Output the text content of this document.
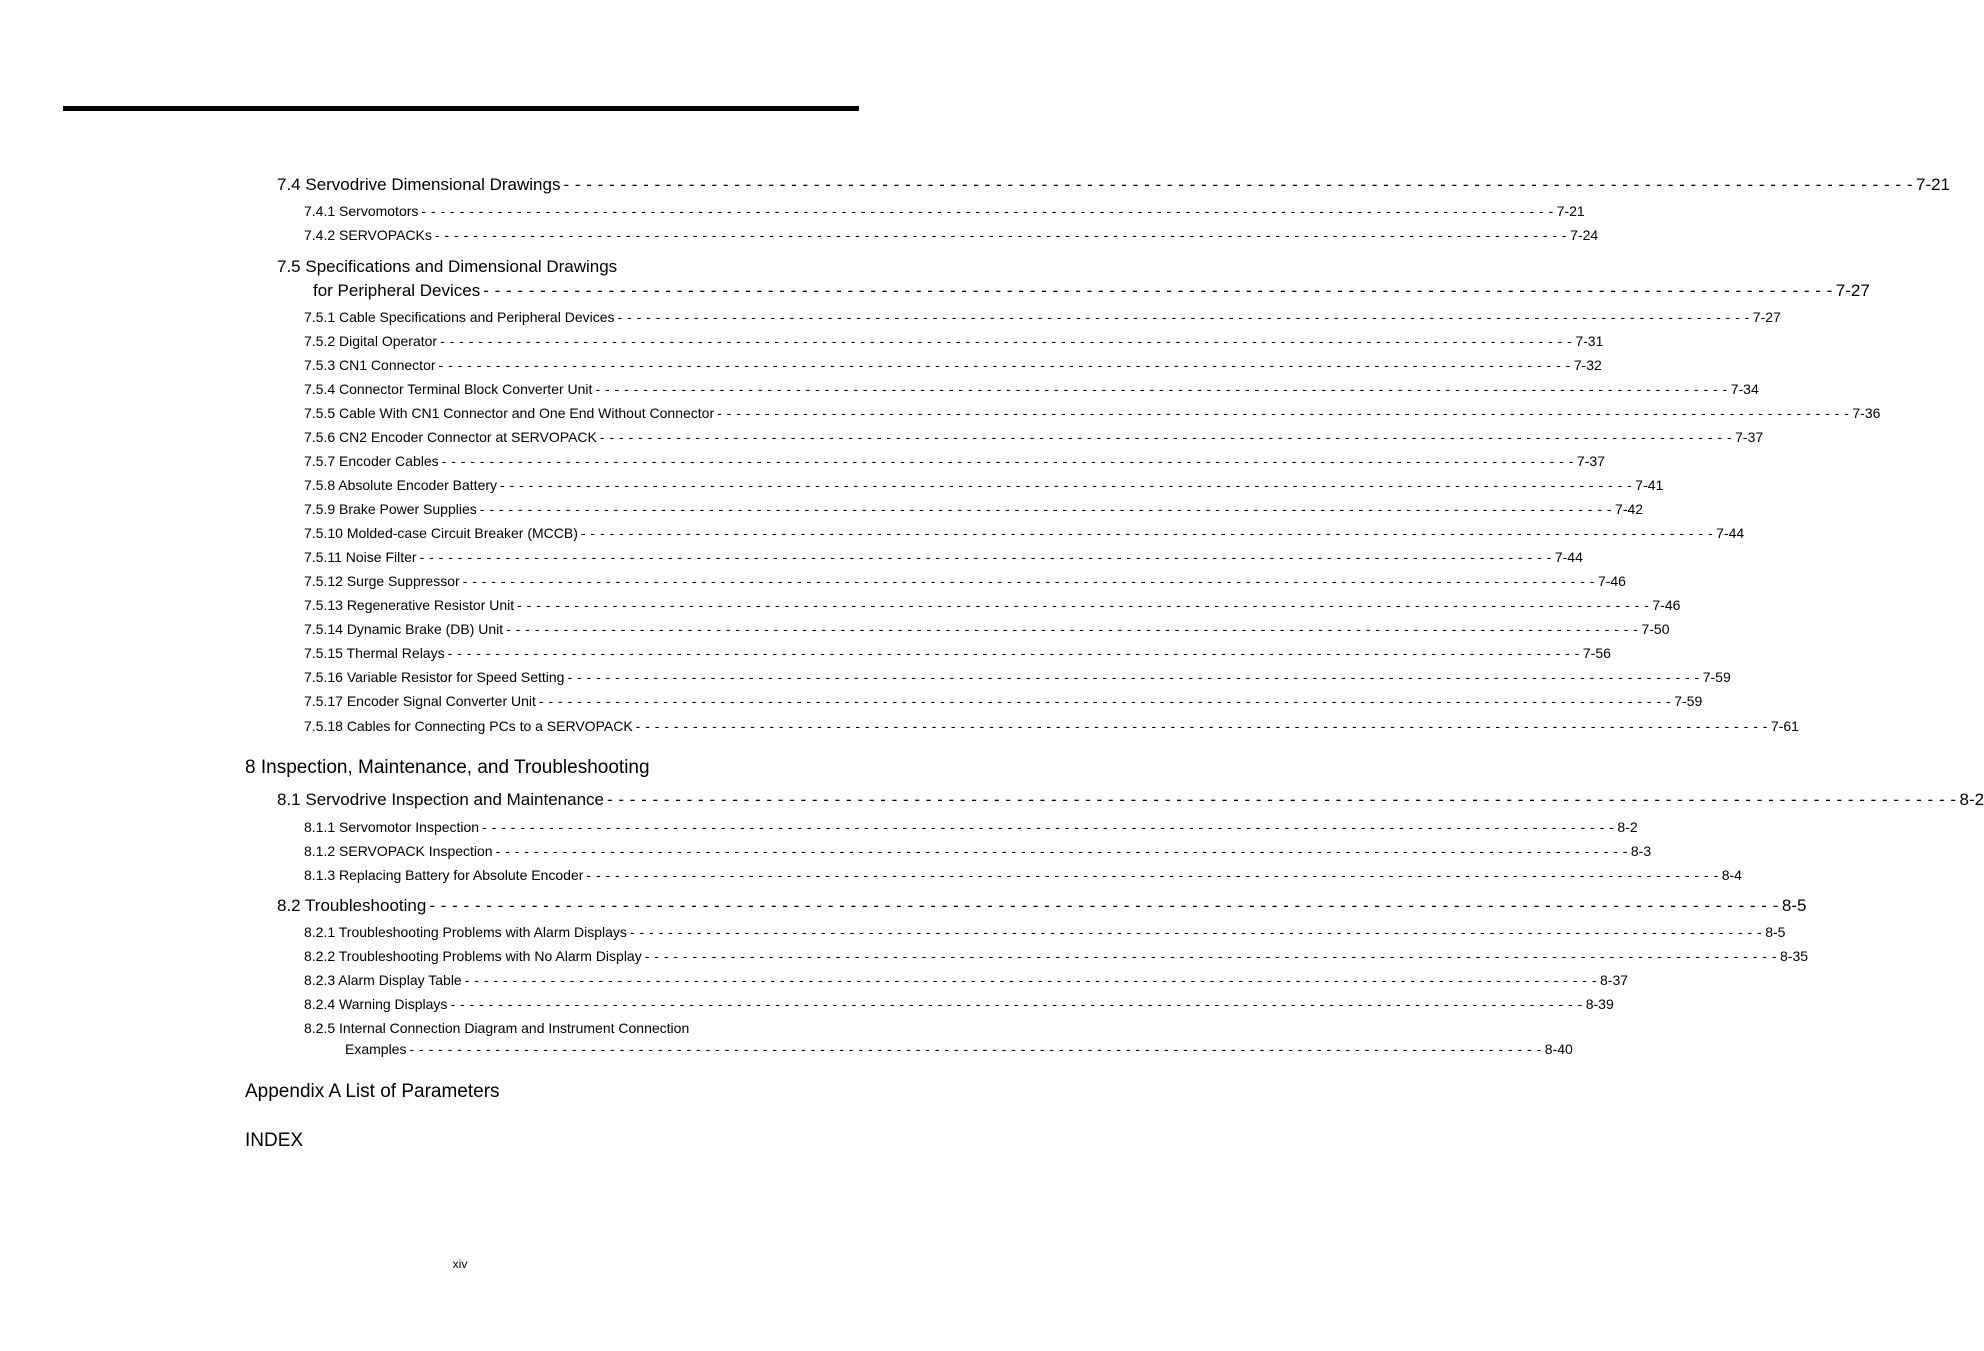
7.4 Servodrive Dimensional Drawings - - - - - - - - - - - - - - - - - - - - - - - - - - - - - - - - - - - - - - - - - - - - - - - - - - - - - - - - - - - - - - - - - - - - - - - - - - - - - - - - - - - - - - - - - - - - - - - - - - - - - - - - - - - - - - - - - - - - - - - 7-21
7.4.1 Servomotors - - - - - - - - - - - - - - - - - - - - - - - - - - - - - - - - - - - - - - - - - - - - - - - - - - - - - - - - - - - - - - - - - - - - - - - - - - - - - - - - - - - - - - - - - - - - - - - - - - - - - - - - - - - - - - - - - - - - - - - 7-21
7.4.2 SERVOPACKs - - - - - - - - - - - - - - - - - - - - - - - - - - - - - - - - - - - - - - - - - - - - - - - - - - - - - - - - - - - - - - - - - - - - - - - - - - - - - - - - - - - - - - - - - - - - - - - - - - - - - - - - - - - - - - - - - - - - - - - 7-24
7.5 Specifications and Dimensional Drawings
for Peripheral Devices - - - - - - - - - - - - - - - - - - - - - - - - - - - - - - - - - - - - - - - - - - - - - - - - - - - - - - - - - - - - - - - - - - - - - - - - - - - - - - - - - - - - - - - - - - - - - - - - - - - - - - - - - - - - - - - - - - - - - - - 7-27
7.5.1 Cable Specifications and Peripheral Devices - - - - - - - - - - - - - - - - - - - - - - - - - - - - - - - - - - - - - - - - - - - - - - - - - - - - - - - - - - - - - - - - - - - - - - - - - - - - - - - - - - - - - - - - - - - - - - - - - - - - - - - - - - - - - - - - - - - - - - - 7-27
7.5.2 Digital Operator - - - - - - - - - - - - - - - - - - - - - - - - - - - - - - - - - - - - - - - - - - - - - - - - - - - - - - - - - - - - - - - - - - - - - - - - - - - - - - - - - - - - - - - - - - - - - - - - - - - - - - - - - - - - - - - - - - - - - - - 7-31
7.5.3 CN1 Connector - - - - - - - - - - - - - - - - - - - - - - - - - - - - - - - - - - - - - - - - - - - - - - - - - - - - - - - - - - - - - - - - - - - - - - - - - - - - - - - - - - - - - - - - - - - - - - - - - - - - - - - - - - - - - - - - - - - - - - - 7-32
7.5.4 Connector Terminal Block Converter Unit - - - - - - - - - - - - - - - - - - - - - - - - - - - - - - - - - - - - - - - - - - - - - - - - - - - - - - - - - - - - - - - - - - - - - - - - - - - - - - - - - - - - - - - - - - - - - - - - - - - - - - - - - - - - - - - - - - - - - - - 7-34
7.5.5 Cable With CN1 Connector and One End Without Connector - - - - - - - - - - - - - - - - - - - - - - - - - - - - - - - - - - - - - - - - - - - - - - - - - - - - - - - - - - - - - - - - - - - - - - - - - - - - - - - - - - - - - - - - - - - - - - - - - - - - - - - - - - - - - - - - - - - - - - - 7-36
7.5.6 CN2 Encoder Connector at SERVOPACK - - - - - - - - - - - - - - - - - - - - - - - - - - - - - - - - - - - - - - - - - - - - - - - - - - - - - - - - - - - - - - - - - - - - - - - - - - - - - - - - - - - - - - - - - - - - - - - - - - - - - - - - - - - - - - - - - - - - - - - 7-37
7.5.7 Encoder Cables - - - - - - - - - - - - - - - - - - - - - - - - - - - - - - - - - - - - - - - - - - - - - - - - - - - - - - - - - - - - - - - - - - - - - - - - - - - - - - - - - - - - - - - - - - - - - - - - - - - - - - - - - - - - - - - - - - - - - - - 7-37
7.5.8 Absolute Encoder Battery - - - - - - - - - - - - - - - - - - - - - - - - - - - - - - - - - - - - - - - - - - - - - - - - - - - - - - - - - - - - - - - - - - - - - - - - - - - - - - - - - - - - - - - - - - - - - - - - - - - - - - - - - - - - - - - - - - - - - - - 7-41
7.5.9 Brake Power Supplies - - - - - - - - - - - - - - - - - - - - - - - - - - - - - - - - - - - - - - - - - - - - - - - - - - - - - - - - - - - - - - - - - - - - - - - - - - - - - - - - - - - - - - - - - - - - - - - - - - - - - - - - - - - - - - - - - - - - - - - 7-42
7.5.10 Molded-case Circuit Breaker (MCCB) - - - - - - - - - - - - - - - - - - - - - - - - - - - - - - - - - - - - - - - - - - - - - - - - - - - - - - - - - - - - - - - - - - - - - - - - - - - - - - - - - - - - - - - - - - - - - - - - - - - - - - - - - - - - - - - - - - - - - - - 7-44
7.5.11 Noise Filter - - - - - - - - - - - - - - - - - - - - - - - - - - - - - - - - - - - - - - - - - - - - - - - - - - - - - - - - - - - - - - - - - - - - - - - - - - - - - - - - - - - - - - - - - - - - - - - - - - - - - - - - - - - - - - - - - - - - - - - 7-44
7.5.12 Surge Suppressor - - - - - - - - - - - - - - - - - - - - - - - - - - - - - - - - - - - - - - - - - - - - - - - - - - - - - - - - - - - - - - - - - - - - - - - - - - - - - - - - - - - - - - - - - - - - - - - - - - - - - - - - - - - - - - - - - - - - - - - 7-46
7.5.13 Regenerative Resistor Unit - - - - - - - - - - - - - - - - - - - - - - - - - - - - - - - - - - - - - - - - - - - - - - - - - - - - - - - - - - - - - - - - - - - - - - - - - - - - - - - - - - - - - - - - - - - - - - - - - - - - - - - - - - - - - - - - - - - - - - - 7-46
7.5.14 Dynamic Brake (DB) Unit - - - - - - - - - - - - - - - - - - - - - - - - - - - - - - - - - - - - - - - - - - - - - - - - - - - - - - - - - - - - - - - - - - - - - - - - - - - - - - - - - - - - - - - - - - - - - - - - - - - - - - - - - - - - - - - - - - - - - - - 7-50
7.5.15 Thermal Relays - - - - - - - - - - - - - - - - - - - - - - - - - - - - - - - - - - - - - - - - - - - - - - - - - - - - - - - - - - - - - - - - - - - - - - - - - - - - - - - - - - - - - - - - - - - - - - - - - - - - - - - - - - - - - - - - - - - - - - - 7-56
7.5.16 Variable Resistor for Speed Setting - - - - - - - - - - - - - - - - - - - - - - - - - - - - - - - - - - - - - - - - - - - - - - - - - - - - - - - - - - - - - - - - - - - - - - - - - - - - - - - - - - - - - - - - - - - - - - - - - - - - - - - - - - - - - - - - - - - - - - - 7-59
7.5.17 Encoder Signal Converter Unit - - - - - - - - - - - - - - - - - - - - - - - - - - - - - - - - - - - - - - - - - - - - - - - - - - - - - - - - - - - - - - - - - - - - - - - - - - - - - - - - - - - - - - - - - - - - - - - - - - - - - - - - - - - - - - - - - - - - - - - 7-59
7.5.18 Cables for Connecting PCs to a SERVOPACK - - - - - - - - - - - - - - - - - - - - - - - - - - - - - - - - - - - - - - - - - - - - - - - - - - - - - - - - - - - - - - - - - - - - - - - - - - - - - - - - - - - - - - - - - - - - - - - - - - - - - - - - - - - - - - - - - - - - - - - 7-61
8 Inspection, Maintenance, and Troubleshooting
8.1 Servodrive Inspection and Maintenance - - - - - - - - - - - - - - - - - - - - - - - - - - - - - - - - - - - - - - - - - - - - - - - - - - - - - - - - - - - - - - - - - - - - - - - - - - - - - - - - - - - - - - - - - - - - - - - - - - - - - - - - - - - - - - - - - - - - - - - 8-2
8.1.1 Servomotor Inspection - - - - - - - - - - - - - - - - - - - - - - - - - - - - - - - - - - - - - - - - - - - - - - - - - - - - - - - - - - - - - - - - - - - - - - - - - - - - - - - - - - - - - - - - - - - - - - - - - - - - - - - - - - - - - - - - - - - - - - - 8-2
8.1.2 SERVOPACK Inspection - - - - - - - - - - - - - - - - - - - - - - - - - - - - - - - - - - - - - - - - - - - - - - - - - - - - - - - - - - - - - - - - - - - - - - - - - - - - - - - - - - - - - - - - - - - - - - - - - - - - - - - - - - - - - - - - - - - - - - - 8-3
8.1.3 Replacing Battery for Absolute Encoder - - - - - - - - - - - - - - - - - - - - - - - - - - - - - - - - - - - - - - - - - - - - - - - - - - - - - - - - - - - - - - - - - - - - - - - - - - - - - - - - - - - - - - - - - - - - - - - - - - - - - - - - - - - - - - - - - - - - - - - 8-4
8.2 Troubleshooting - - - - - - - - - - - - - - - - - - - - - - - - - - - - - - - - - - - - - - - - - - - - - - - - - - - - - - - - - - - - - - - - - - - - - - - - - - - - - - - - - - - - - - - - - - - - - - - - - - - - - - - - - - - - - - - - - - - - - - - 8-5
8.2.1 Troubleshooting Problems with Alarm Displays - - - - - - - - - - - - - - - - - - - - - - - - - - - - - - - - - - - - - - - - - - - - - - - - - - - - - - - - - - - - - - - - - - - - - - - - - - - - - - - - - - - - - - - - - - - - - - - - - - - - - - - - - - - - - - - - - - - - - - - 8-5
8.2.2 Troubleshooting Problems with No Alarm Display - - - - - - - - - - - - - - - - - - - - - - - - - - - - - - - - - - - - - - - - - - - - - - - - - - - - - - - - - - - - - - - - - - - - - - - - - - - - - - - - - - - - - - - - - - - - - - - - - - - - - - - - - - - - - - - - - - - - - - - 8-35
8.2.3 Alarm Display Table - - - - - - - - - - - - - - - - - - - - - - - - - - - - - - - - - - - - - - - - - - - - - - - - - - - - - - - - - - - - - - - - - - - - - - - - - - - - - - - - - - - - - - - - - - - - - - - - - - - - - - - - - - - - - - - - - - - - - - - 8-37
8.2.4 Warning Displays - - - - - - - - - - - - - - - - - - - - - - - - - - - - - - - - - - - - - - - - - - - - - - - - - - - - - - - - - - - - - - - - - - - - - - - - - - - - - - - - - - - - - - - - - - - - - - - - - - - - - - - - - - - - - - - - - - - - - - - 8-39
8.2.5 Internal Connection Diagram and Instrument Connection
Examples - - - - - - - - - - - - - - - - - - - - - - - - - - - - - - - - - - - - - - - - - - - - - - - - - - - - - - - - - - - - - - - - - - - - - - - - - - - - - - - - - - - - - - - - - - - - - - - - - - - - - - - - - - - - - - - - - - - - - - - 8-40
Appendix A List of Parameters
INDEX
xiv
